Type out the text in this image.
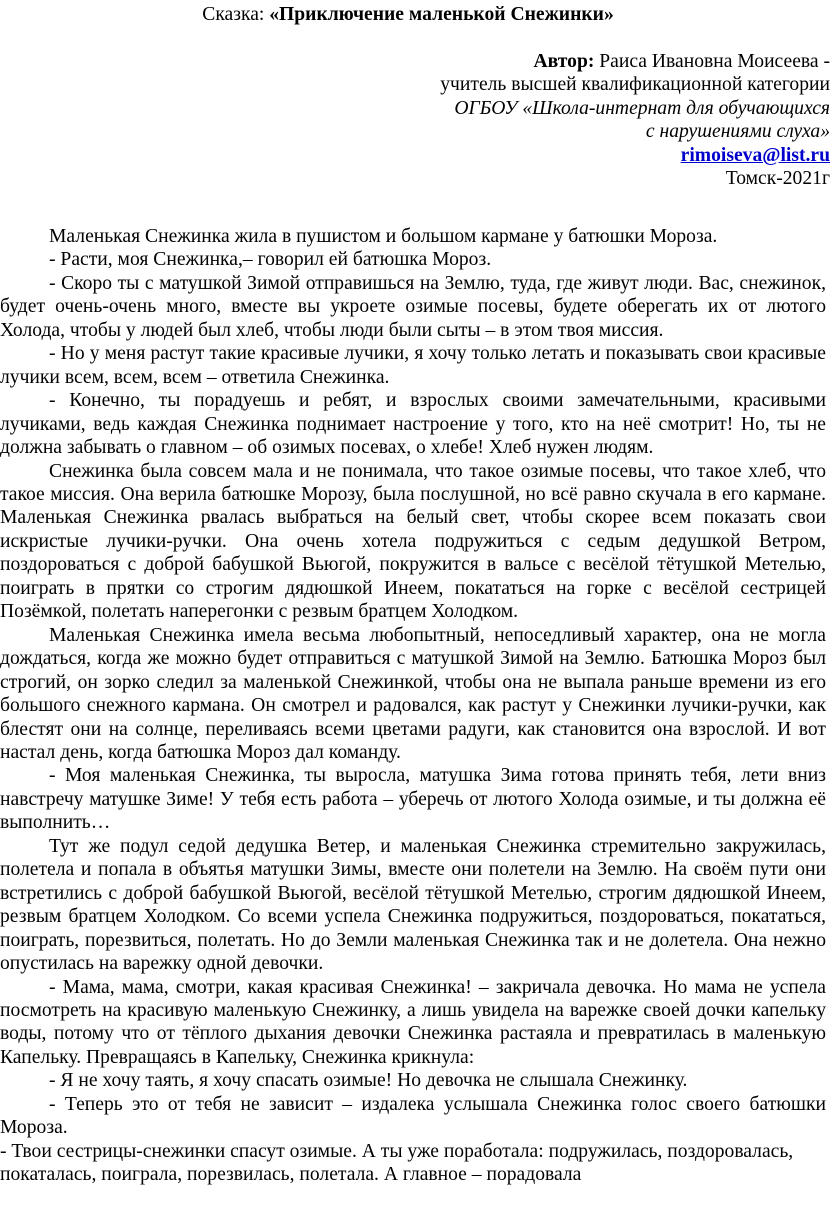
Сказка: «Приключение маленькой Снежинки»
Автор: Раиса Ивановна Моисеева -
учитель высшей квалификационной категории
ОГБОУ «Школа-интернат для обучающихся
с нарушениями слуха»
rimoiseva@list.ru
Томск-2021г

Маленькая Снежинка жила в пушистом и большом кармане у батюшки Мороза.

- Расти, моя Снежинка,– говорил ей батюшка Мороз.

- Скоро ты с матушкой Зимой отправишься на Землю, туда, где живут люди. Вас, снежинок, будет очень-очень много, вместе вы укроете озимые посевы, будете оберегать их от лютого Холода, чтобы у людей был хлеб, чтобы люди были сыты – в этом твоя миссия.

- Но у меня растут такие красивые лучики, я хочу только летать и показывать свои красивые лучики всем, всем, всем – ответила Снежинка.

- Конечно, ты порадуешь и ребят, и взрослых своими замечательными, красивыми лучиками, ведь каждая Снежинка поднимает настроение у того, кто на неё смотрит! Но, ты не должна забывать о главном – об озимых посевах, о хлебе! Хлеб нужен людям.

Снежинка была совсем мала и не понимала, что такое озимые посевы, что такое хлеб, что такое миссия. Она верила батюшке Морозу, была послушной, но всё равно скучала в его кармане. Маленькая Снежинка рвалась выбраться на белый свет, чтобы скорее всем показать свои искристые лучики-ручки. Она очень хотела подружиться с седым дедушкой Ветром, поздороваться с доброй бабушкой Вьюгой, покружится в вальсе с весёлой тётушкой Метелью, поиграть в прятки со строгим дядюшкой Инеем, покататься на горке с весёлой сестрицей Позёмкой, полетать наперегонки с резвым братцем Холодком.

Маленькая Снежинка имела весьма любопытный, непоседливый характер, она не могла дождаться, когда же можно будет отправиться с матушкой Зимой на Землю. Батюшка Мороз был строгий, он зорко следил за маленькой Снежинкой, чтобы она не выпала раньше времени из его большого снежного кармана. Он смотрел и радовался, как растут у Снежинки лучики-ручки, как блестят они на солнце, переливаясь всеми цветами радуги, как становится она взрослой. И вот настал день, когда батюшка Мороз дал команду.

- Моя маленькая Снежинка, ты выросла, матушка Зима готова принять тебя, лети вниз навстречу матушке Зиме! У тебя есть работа – уберечь от лютого Холода озимые, и ты должна её выполнить…

Тут же подул седой дедушка Ветер, и маленькая Снежинка стремительно закружилась, полетела и попала в объятья матушки Зимы, вместе они полетели на Землю. На своём пути они встретились с доброй бабушкой Вьюгой, весёлой тётушкой Метелью, строгим дядюшкой Инеем, резвым братцем Холодком. Со всеми успела Снежинка подружиться, поздороваться, покататься, поиграть, порезвиться, полетать. Но до Земли маленькая Снежинка так и не долетела. Она нежно опустилась на варежку одной девочки.

- Мама, мама, смотри, какая красивая Снежинка! – закричала девочка. Но мама не успела посмотреть на красивую маленькую Снежинку, а лишь увидела на варежке своей дочки капельку воды, потому что от тёплого дыхания девочки Снежинка растаяла и превратилась в маленькую Капельку. Превращаясь в Капельку, Снежинка крикнула:

- Я не хочу таять, я хочу спасать озимые! Но девочка не слышала Снежинку.

- Теперь это от тебя не зависит – издалека услышала Снежинка голос своего батюшки Мороза.

- Твои сестрицы-снежинки спасут озимые. А ты уже поработала: подружилась, поздоровалась, покаталась, поиграла, порезвилась, полетала. А главное – порадовала
